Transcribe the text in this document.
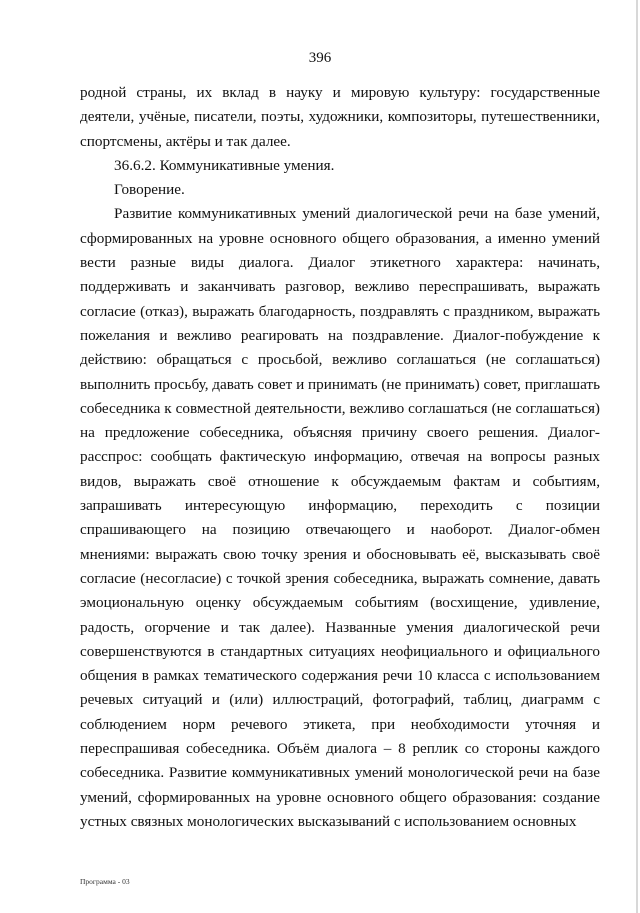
396

родной страны, их вклад в науку и мировую культуру: государственные деятели, учёные, писатели, поэты, художники, композиторы, путешественники, спортсмены, актёры и так далее.

36.6.2. Коммуникативные умения.

Говорение.

Развитие коммуникативных умений диалогической речи на базе умений, сформированных на уровне основного общего образования, а именно умений вести разные виды диалога. Диалог этикетного характера: начинать, поддерживать и заканчивать разговор, вежливо переспрашивать, выражать согласие (отказ), выражать благодарность, поздравлять с праздником, выражать пожелания и вежливо реагировать на поздравление. Диалог-побуждение к действию: обращаться с просьбой, вежливо соглашаться (не соглашаться) выполнить просьбу, давать совет и принимать (не принимать) совет, приглашать собеседника к совместной деятельности, вежливо соглашаться (не соглашаться) на предложение собеседника, объясняя причину своего решения. Диалог-расспрос: сообщать фактическую информацию, отвечая на вопросы разных видов, выражать своё отношение к обсуждаемым фактам и событиям, запрашивать интересующую информацию, переходить с позиции спрашивающего на позицию отвечающего и наоборот. Диалог-обмен мнениями: выражать свою точку зрения и обосновывать её, высказывать своё согласие (несогласие) с точкой зрения собеседника, выражать сомнение, давать эмоциональную оценку обсуждаемым событиям (восхищение, удивление, радость, огорчение и так далее). Названные умения диалогической речи совершенствуются в стандартных ситуациях неофициального и официального общения в рамках тематического содержания речи 10 класса с использованием речевых ситуаций и (или) иллюстраций, фотографий, таблиц, диаграмм с соблюдением норм речевого этикета, при необходимости уточняя и переспрашивая собеседника. Объём диалога – 8 реплик со стороны каждого собеседника. Развитие коммуникативных умений монологической речи на базе умений, сформированных на уровне основного общего образования: создание устных связных монологических высказываний с использованием основных

Программа - 03
